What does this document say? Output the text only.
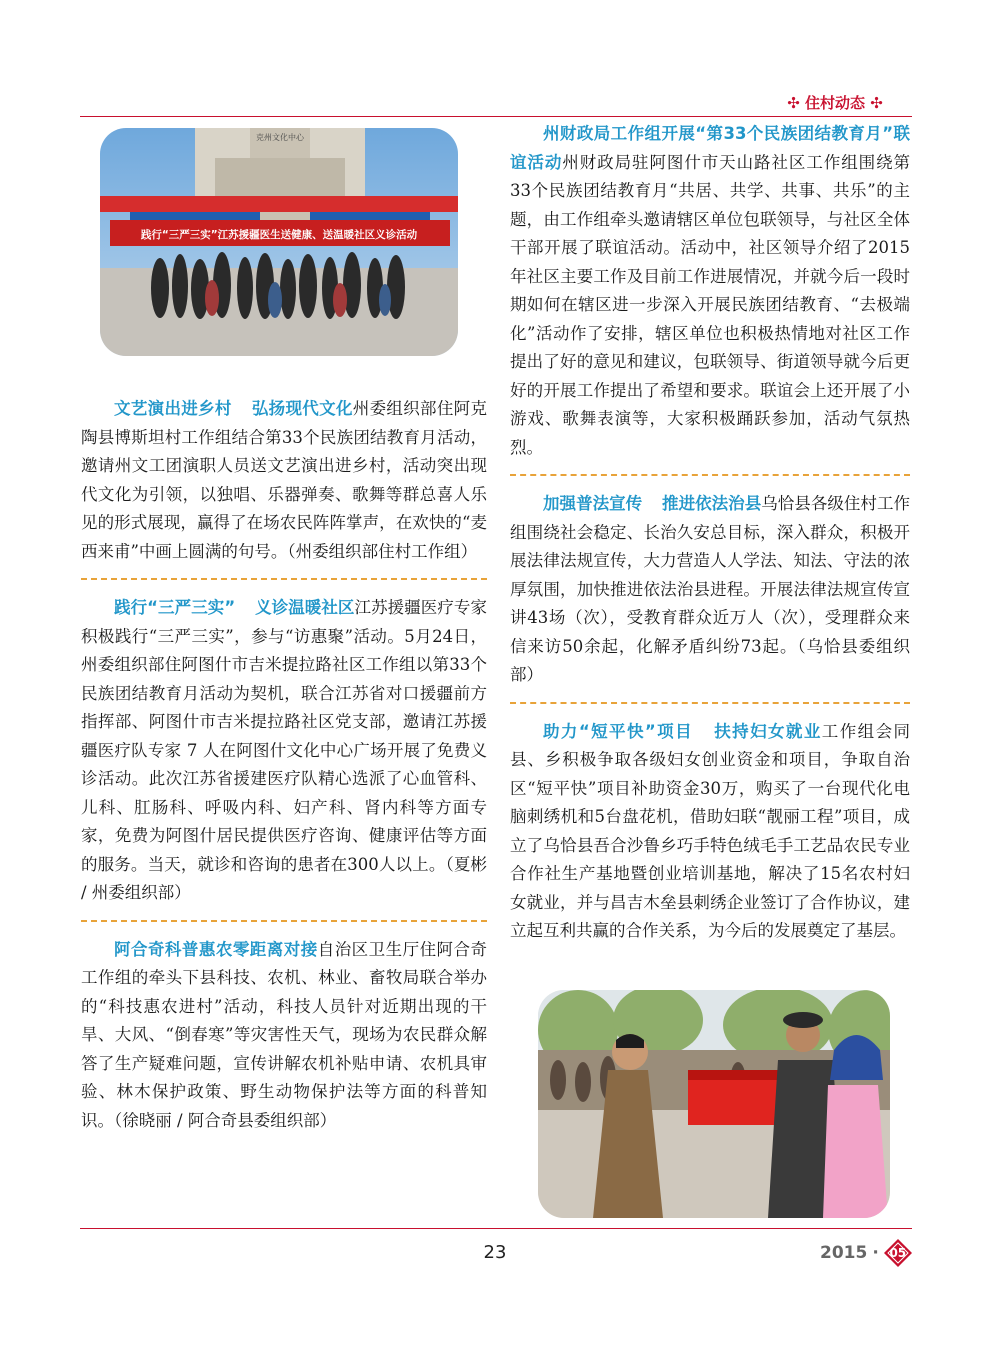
✣ 住村动态 ✣
克州文化中心
践行“三严三实”江苏援疆医生送健康、送温暖社区义诊活动

文艺演出进乡村 弘扬现代文化州委组织部住阿克陶县博斯坦村工作组结合第33个民族团结教育月活动，邀请州文工团演职人员送文艺演出进乡村，活动突出现代文化为引领，以独唱、乐器弹奏、歌舞等群总喜人乐见的形式展现，赢得了在场农民阵阵掌声，在欢快的“麦西来甫”中画上圆满的句号。（州委组织部住村工作组）

践行“三严三实” 义诊温暖社区江苏援疆医疗专家积极践行“三严三实”，参与“访惠聚”活动。5月24日，州委组织部住阿图什市吉米提拉路社区工作组以第33个民族团结教育月活动为契机，联合江苏省对口援疆前方指挥部、阿图什市吉米提拉路社区党支部，邀请江苏援疆医疗队专家 7 人在阿图什文化中心广场开展了免费义诊活动。此次江苏省援建医疗队精心选派了心血管科、儿科、肛肠科、呼吸内科、妇产科、肾内科等方面专家，免费为阿图什居民提供医疗咨询、健康评估等方面的服务。当天，就诊和咨询的患者在300人以上。（夏彬 / 州委组织部）

阿合奇科普惠农零距离对接自治区卫生厅住阿合奇工作组的牵头下县科技、农机、林业、畜牧局联合举办的“科技惠农进村”活动，科技人员针对近期出现的干旱、大风、“倒春寒”等灾害性天气，现场为农民群众解答了生产疑难问题，宣传讲解农机补贴申请、农机具审验、林木保护政策、野生动物保护法等方面的科普知识。（徐晓丽 / 阿合奇县委组织部）

州财政局工作组开展“第33个民族团结教育月”联谊活动州财政局驻阿图什市天山路社区工作组围绕第33个民族团结教育月“共居、共学、共事、共乐”的主题，由工作组牵头邀请辖区单位包联领导，与社区全体干部开展了联谊活动。活动中，社区领导介绍了2015年社区主要工作及目前工作进展情况，并就今后一段时期如何在辖区进一步深入开展民族团结教育、“去极端化”活动作了安排，辖区单位也积极热情地对社区工作提出了好的意见和建议，包联领导、街道领导就今后更好的开展工作提出了希望和要求。联谊会上还开展了小游戏、歌舞表演等，大家积极踊跃参加，活动气氛热烈。

加强普法宣传 推进依法治县乌恰县各级住村工作组围绕社会稳定、长治久安总目标，深入群众，积极开展法律法规宣传，大力营造人人学法、知法、守法的浓厚氛围，加快推进依法治县进程。开展法律法规宣传宣讲43场（次），受教育群众近万人（次），受理群众来信来访50余起，化解矛盾纠纷73起。（乌恰县委组织部）

助力“短平快”项目 扶持妇女就业工作组会同县、乡积极争取各级妇女创业资金和项目，争取自治区“短平快”项目补助资金30万，购买了一台现代化电脑刺绣机和5台盘花机，借助妇联“靓丽工程”项目，成立了乌恰县吾合沙鲁乡巧手特色绒毛手工艺品农民专业合作社生产基地暨创业培训基地，解决了15名农村妇女就业，并与昌吉木垒县刺绣企业签订了合作协议，建立起互利共赢的合作关系，为今后的发展奠定了基层。

23	2015 · 05
